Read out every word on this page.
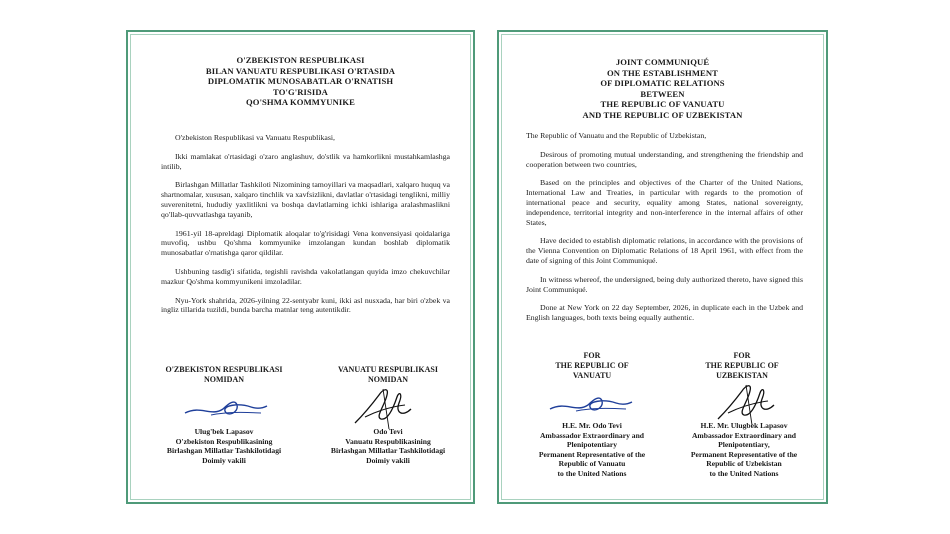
O'ZBEKISTON RESPUBLIKASI
BILAN VANUATU RESPUBLIKASI O'RTASIDA
DIPLOMATIK MUNOSABATLAR O'RNATISH
TO'G'RISIDA
QO'SHMA KOMMYUNIKE

O'zbekiston Respublikasi va Vanuatu Respublikasi,

Ikki mamlakat o'rtasidagi o'zaro anglashuv, do'stlik va hamkorlikni mustahkamlashga intilib,

Birlashgan Millatlar Tashkiloti Nizomining tamoyillari va maqsadlari, xalqaro huquq va shartnomalar, xususan, xalqaro tinchlik va xavfsizlikni, davlatlar o'rtasidagi tenglikni, milliy suverenitetni, hududiy yaxlitlikni va boshqa davlatlarning ichki ishlariga aralashmaslikni qo'llab-quvvatlashga tayanib,

1961-yil 18-apreldagi Diplomatik aloqalar to'g'risidagi Vena konvensiyasi qoidalariga muvofiq, ushbu Qo'shma kommyunike imzolangan kundan boshlab diplomatik munosabatlar o'rnatishga qaror qildilar.

Ushbuning tasdig'i sifatida, tegishli ravishda vakolatlangan quyida imzo chekuvchilar mazkur Qo'shma kommyunikeni imzoladilar.

Nyu-York shahrida, 2026-yilning 22-sentyabr kuni, ikki asl nusxada, har biri o'zbek va ingliz tillarida tuzildi, bunda barcha matnlar teng autentikdir.

O'ZBEKISTON RESPUBLIKASI
NOMIDAN
VANUATU RESPUBLIKASI
NOMIDAN
Ulug'bek Lapasov
O'zbekiston Respublikasining
Birlashgan Millatlar Tashkilotidagi
Doimiy vakili
Odo Tevi
Vanuatu Respublikasining
Birlashgan Millatlar Tashkilotidagi
Doimiy vakili
JOINT COMMUNIQUÉ
ON THE ESTABLISHMENT
OF DIPLOMATIC RELATIONS
BETWEEN
THE REPUBLIC OF VANUATU
AND THE REPUBLIC OF UZBEKISTAN

The Republic of Vanuatu and the Republic of Uzbekistan,

Desirous of promoting mutual understanding, and strengthening the friendship and cooperation between two countries,

Based on the principles and objectives of the Charter of the United Nations, International Law and Treaties, in particular with regards to the promotion of international peace and security, equality among States, national sovereignty, independence, territorial integrity and non-interference in the internal affairs of other States,

Have decided to establish diplomatic relations, in accordance with the provisions of the Vienna Convention on Diplomatic Relations of 18 April 1961, with effect from the date of signing of this Joint Communiqué.

In witness whereof, the undersigned, being duly authorized thereto, have signed this Joint Communiqué.

Done at New York on 22 day September, 2026, in duplicate each in the Uzbek and English languages, both texts being equally authentic.

FOR
THE REPUBLIC OF
VANUATU
FOR
THE REPUBLIC OF
UZBEKISTAN
H.E. Mr. Odo Tevi
Ambassador Extraordinary and
Plenipotentiary
Permanent Representative of the
Republic of Vanuatu
to the United Nations
H.E. Mr. Ulugbek Lapasov
Ambassador Extraordinary and
Plenipotentiary,
Permanent Representative of the
Republic of Uzbekistan
to the United Nations
